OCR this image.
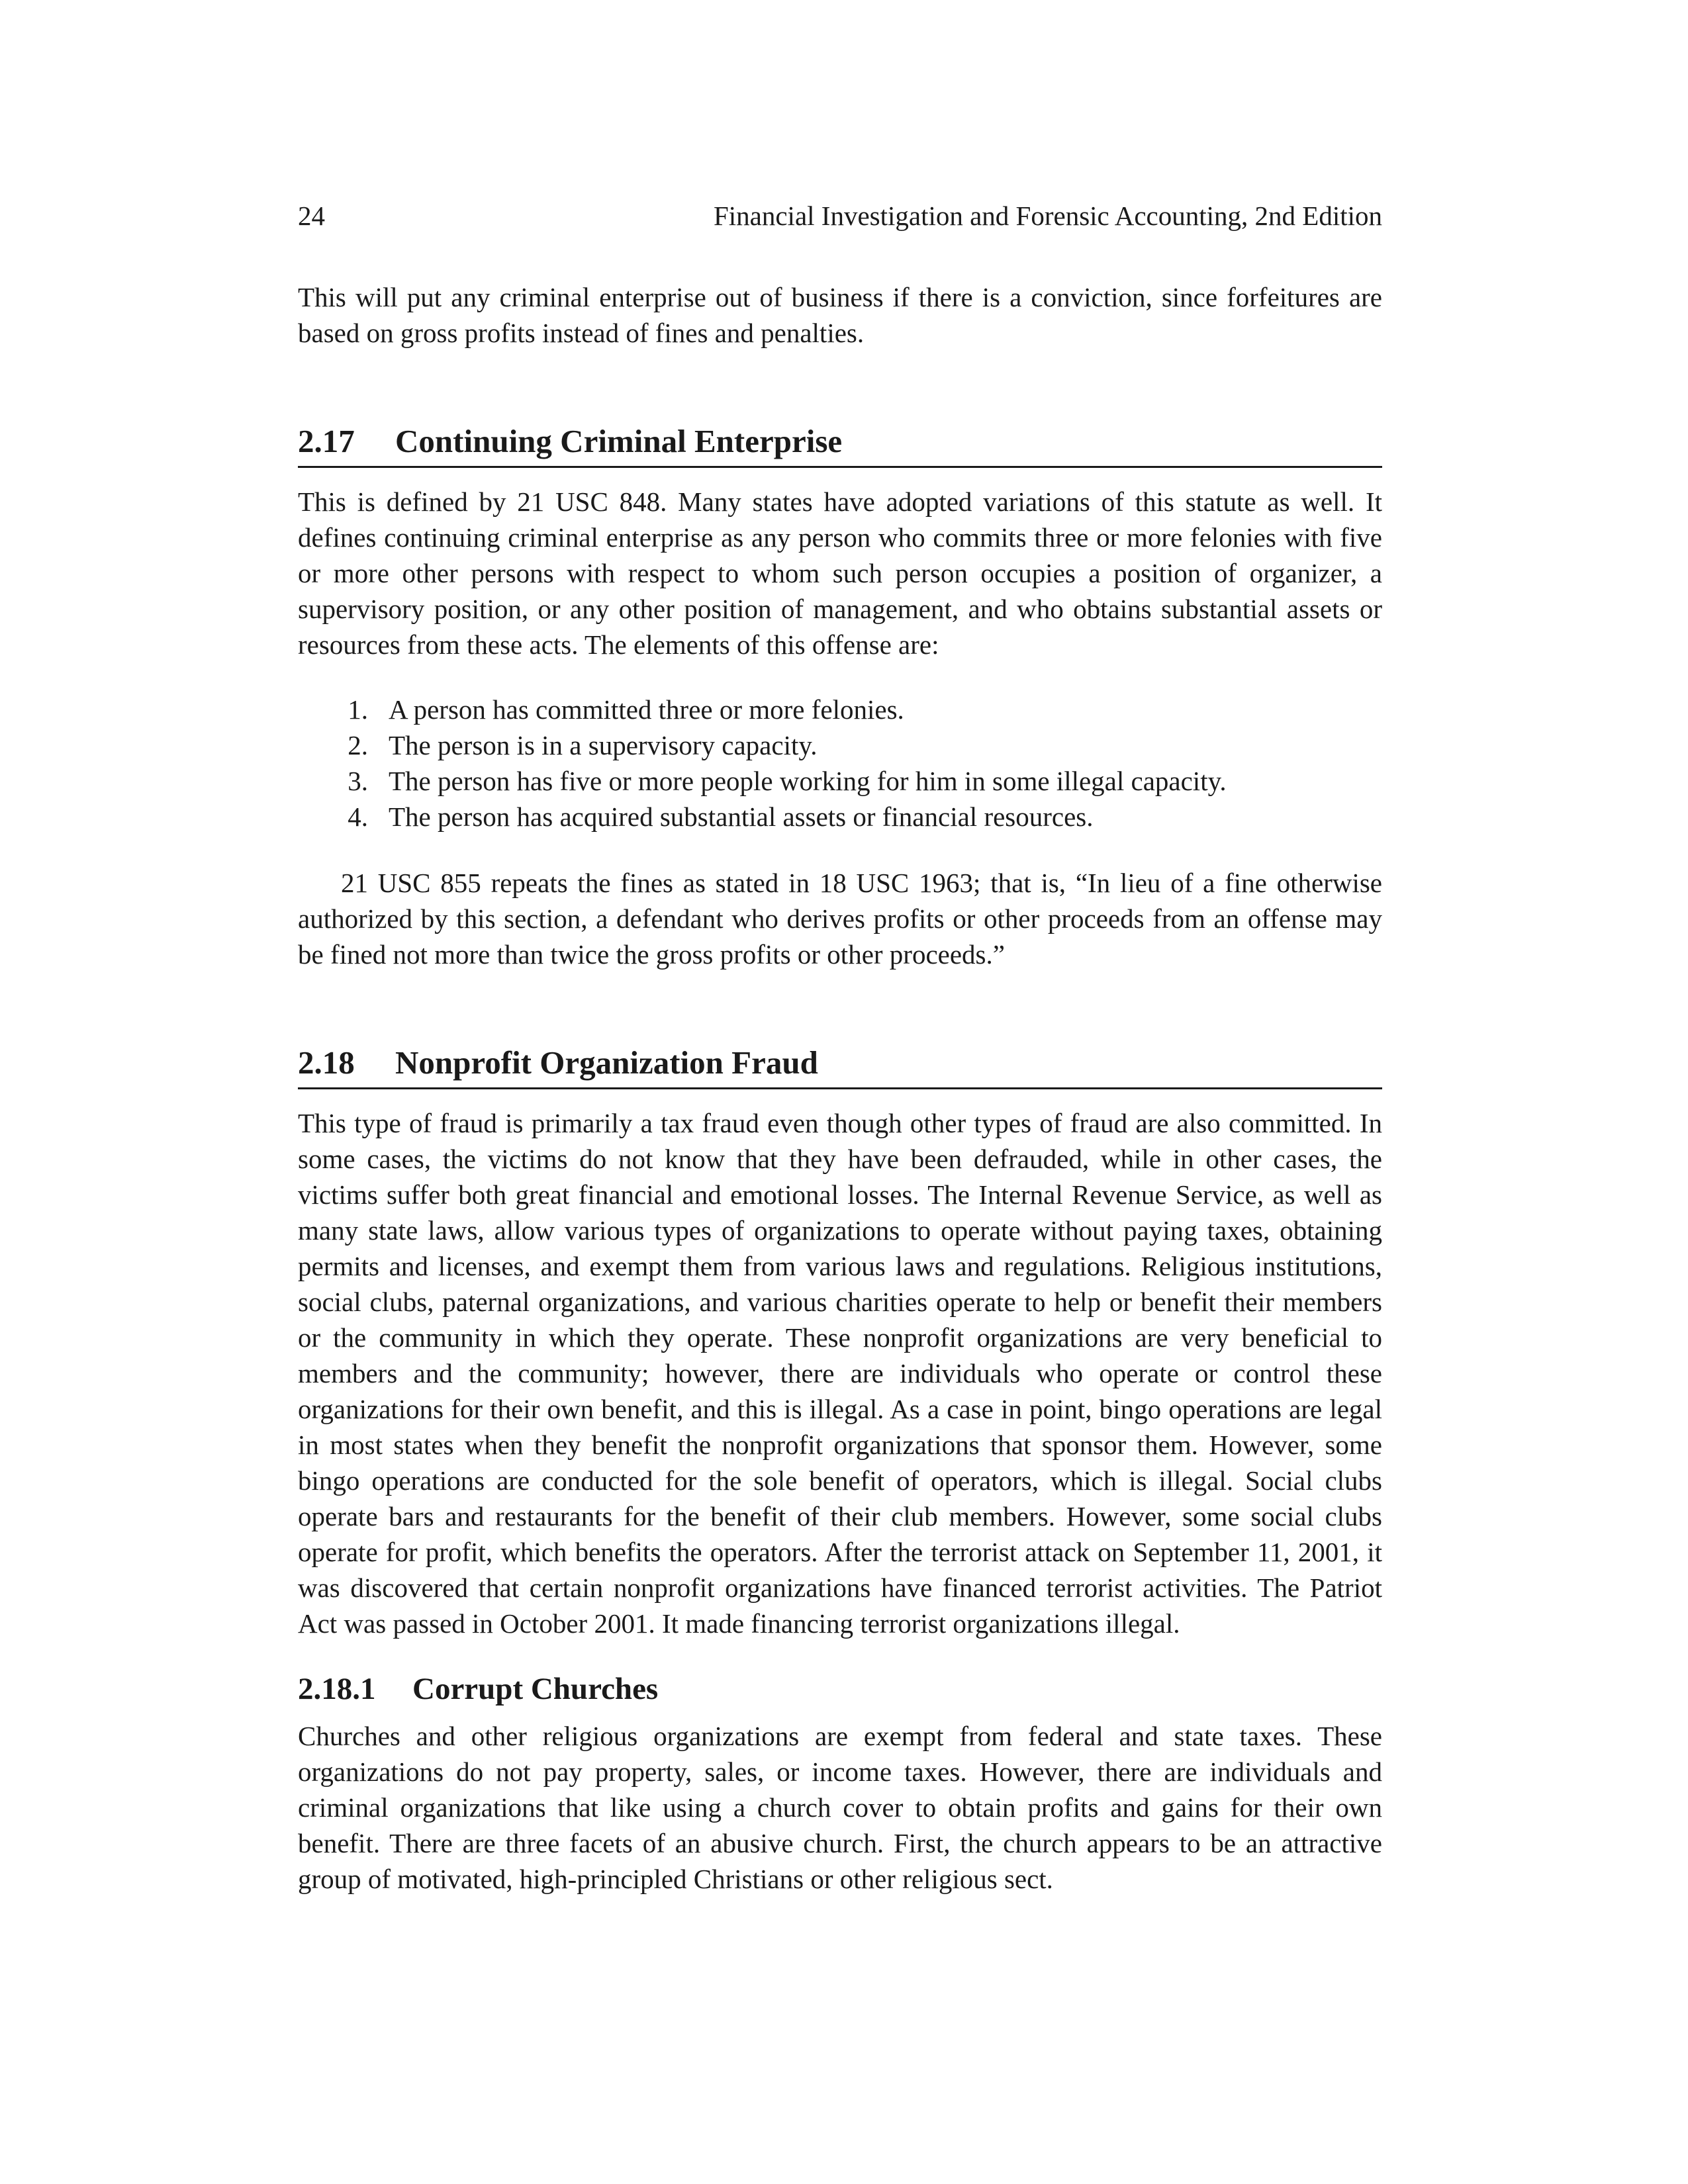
24	Financial Investigation and Forensic Accounting, 2nd Edition

This will put any criminal enterprise out of business if there is a conviction, since forfeitures are based on gross profits instead of fines and penalties.

2.17 Continuing Criminal Enterprise

This is defined by 21 USC 848. Many states have adopted variations of this statute as well. It defines continuing criminal enterprise as any person who commits three or more felonies with five or more other persons with respect to whom such person occupies a position of organizer, a supervisory position, or any other position of management, and who obtains substantial assets or resources from these acts. The elements of this offense are:

1. A person has committed three or more felonies.
2. The person is in a supervisory capacity.
3. The person has five or more people working for him in some illegal capacity.
4. The person has acquired substantial assets or financial resources.

21 USC 855 repeats the fines as stated in 18 USC 1963; that is, “In lieu of a fine otherwise authorized by this section, a defendant who derives profits or other proceeds from an offense may be fined not more than twice the gross profits or other proceeds.”

2.18 Nonprofit Organization Fraud

This type of fraud is primarily a tax fraud even though other types of fraud are also committed. In some cases, the victims do not know that they have been defrauded, while in other cases, the victims suffer both great financial and emotional losses. The Internal Revenue Service, as well as many state laws, allow various types of organizations to operate without paying taxes, obtaining permits and licenses, and exempt them from various laws and regulations. Religious institutions, social clubs, paternal organizations, and various charities operate to help or benefit their members or the community in which they operate. These nonprofit organizations are very beneficial to members and the community; however, there are individuals who operate or control these organizations for their own benefit, and this is illegal. As a case in point, bingo operations are legal in most states when they benefit the nonprofit organizations that sponsor them. However, some bingo operations are conducted for the sole benefit of operators, which is illegal. Social clubs operate bars and restaurants for the benefit of their club members. However, some social clubs operate for profit, which benefits the operators. After the terrorist attack on September 11, 2001, it was discovered that certain nonprofit organizations have financed terrorist activities. The Patriot Act was passed in October 2001. It made financing terrorist organizations illegal.

2.18.1 Corrupt Churches

Churches and other religious organizations are exempt from federal and state taxes. These organizations do not pay property, sales, or income taxes. However, there are individuals and criminal organizations that like using a church cover to obtain profits and gains for their own benefit. There are three facets of an abusive church. First, the church appears to be an attractive group of motivated, high-principled Christians or other religious sect.
